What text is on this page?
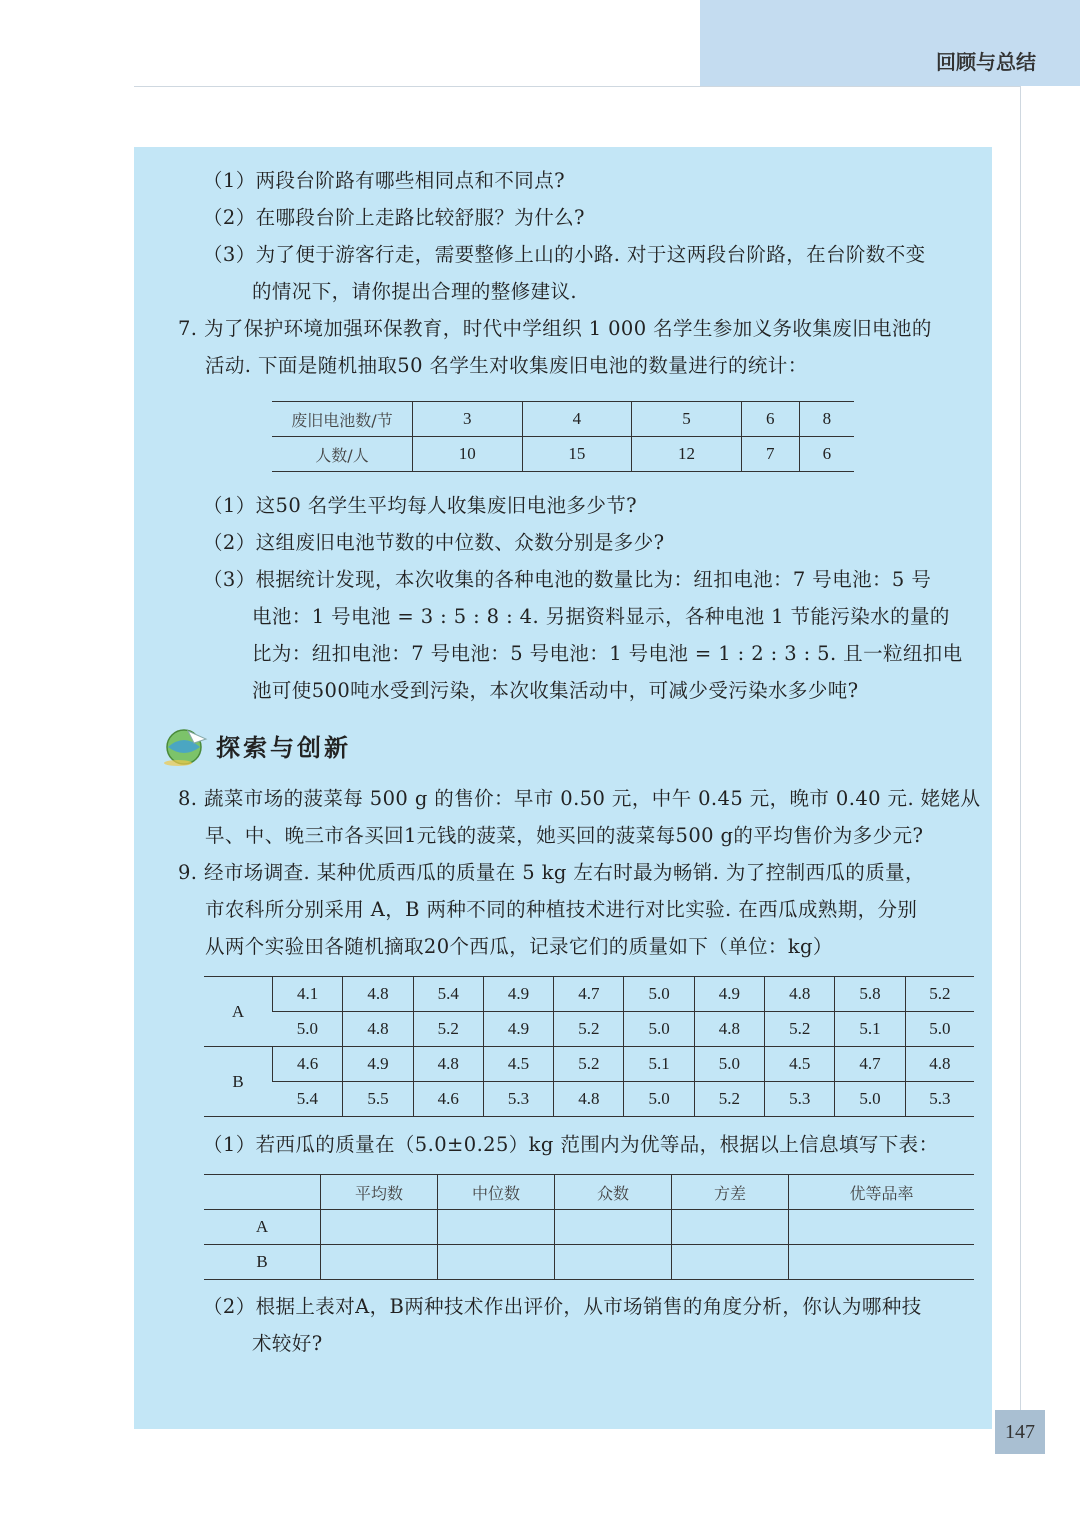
回顾与总结
（1）两段台阶路有哪些相同点和不同点?
（2）在哪段台阶上走路比较舒服？为什么?
（3）为了便于游客行走，需要整修上山的小路. 对于这两段台阶路，在台阶数不变
的情况下，请你提出合理的整修建议.
7. 为了保护环境加强环保教育，时代中学组织 1 000 名学生参加义务收集废旧电池的
活动. 下面是随机抽取50 名学生对收集废旧电池的数量进行的统计：
废旧电池数/节	3	4	5	6	8
人数/人	10	15	12	7	6
（1）这50 名学生平均每人收集废旧电池多少节?
（2）这组废旧电池节数的中位数、众数分别是多少?
（3）根据统计发现，本次收集的各种电池的数量比为：纽扣电池：7 号电池：5 号
电池：1 号电池 = 3 : 5 : 8 : 4. 另据资料显示，各种电池 1 节能污染水的量的
比为：纽扣电池：7 号电池：5 号电池：1 号电池 = 1 : 2 : 3 : 5. 且一粒纽扣电
池可使500吨水受到污染，本次收集活动中，可减少受污染水多少吨?
探索与创新
8. 蔬菜市场的菠菜每 500 g 的售价：早市 0.50 元，中午 0.45 元，晚市 0.40 元. 姥姥从
早、中、晚三市各买回1元钱的菠菜，她买回的菠菜每500 g的平均售价为多少元?
9. 经市场调查. 某种优质西瓜的质量在 5 kg 左右时最为畅销. 为了控制西瓜的质量，
市农科所分别采用 A，B 两种不同的种植技术进行对比实验. 在西瓜成熟期，分别
从两个实验田各随机摘取20个西瓜，记录它们的质量如下（单位：kg）
A	4.1	4.8	5.4	4.9	4.7	5.0	4.9	4.8	5.8	5.2
	5.0	4.8	5.2	4.9	5.2	5.0	4.8	5.2	5.1	5.0
B	4.6	4.9	4.8	4.5	5.2	5.1	5.0	4.5	4.7	4.8
	5.4	5.5	4.6	5.3	4.8	5.0	5.2	5.3	5.0	5.3
（1）若西瓜的质量在（5.0±0.25）kg 范围内为优等品，根据以上信息填写下表：
	平均数	中位数	众数	方差	优等品率
A					
B					
（2）根据上表对A，B两种技术作出评价，从市场销售的角度分析，你认为哪种技
术较好?
147
